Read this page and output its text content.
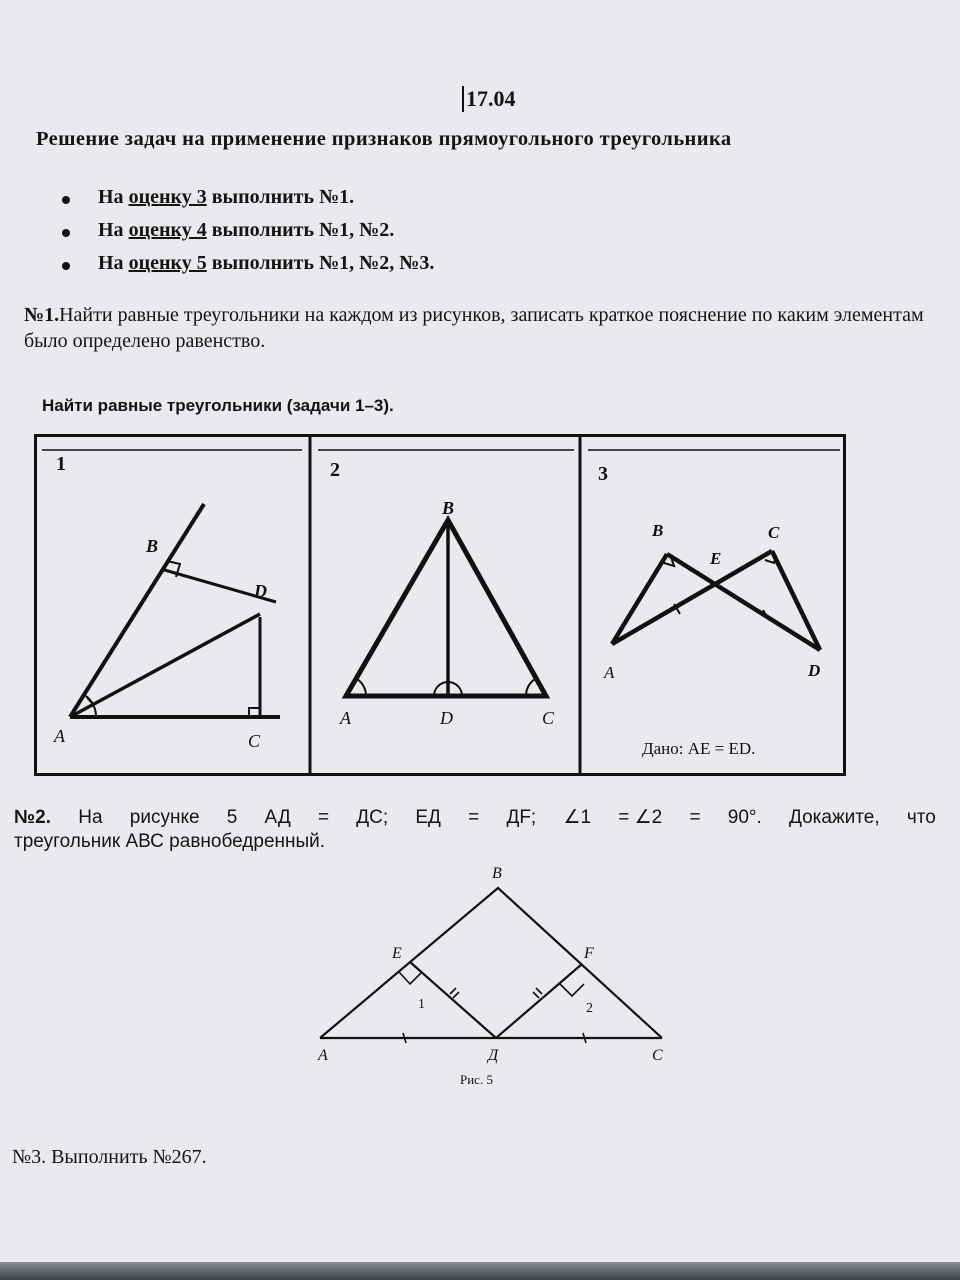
17.04
Решение задач на применение признаков прямоугольного треугольника
На оценку 3 выполнить №1.
На оценку 4 выполнить №1, №2.
На оценку 5 выполнить №1, №2, №3.
№1.Найти равные треугольники на каждом из рисунков, записать краткое пояснение по каким элементам было определено равенство.
Найти равные треугольники (задачи 1–3).
1
B
D
A	C
2
B
A	D	C
3
B	C
E
A	D
Дано: AE = ED.
№2. На рисунке 5 АД = ДС; ЕД = ДF; ∠1 = ∠2 = 90°. Докажите, что
треугольник АВС равнобедренный.
B
E	F
1	2
A	Д	C
Рис. 5
№3. Выполнить №267.
